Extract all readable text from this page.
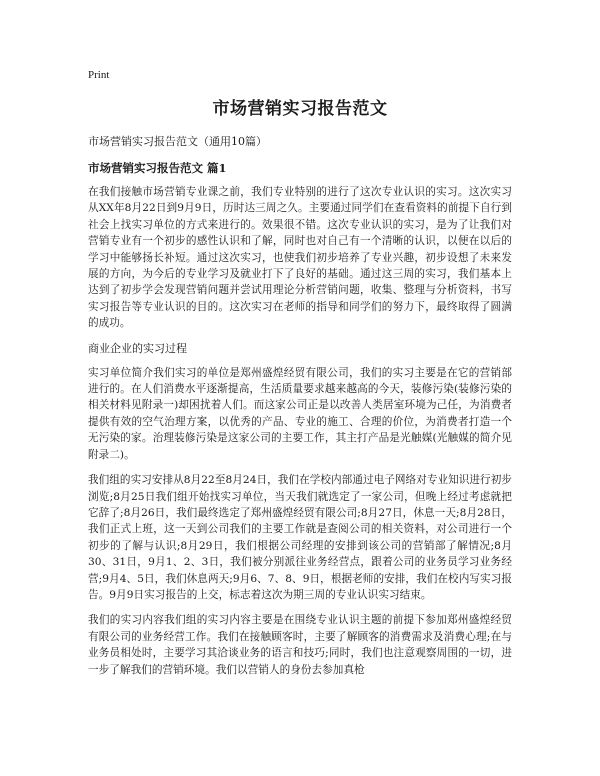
Print
市场营销实习报告范文
市场营销实习报告范文（通用10篇）
市场营销实习报告范文 篇1

在我们接触市场营销专业课之前，我们专业特别的进行了这次专业认识的实习。这次实习从XX年8月22日到9月9日，历时达三周之久。主要通过同学们在查看资料的前提下自行到社会上找实习单位的方式来进行的。效果很不错。这次专业认识的实习，是为了让我们对营销专业有一个初步的感性认识和了解，同时也对自己有一个清晰的认识，以便在以后的学习中能够扬长补短。通过这次实习，也使我们初步培养了专业兴趣，初步设想了未来发展的方向，为今后的专业学习及就业打下了良好的基础。通过这三周的实习，我们基本上达到了初步学会发现营销问题并尝试用理论分析营销问题，收集、整理与分析资料，书写实习报告等专业认识的目的。这次实习在老师的指导和同学们的努力下，最终取得了圆满的成功。

商业企业的实习过程

实习单位简介我们实习的单位是郑州盛煌经贸有限公司，我们的实习主要是在它的营销部进行的。在人们消费水平逐渐提高，生活质量要求越来越高的今天，装修污染(装修污染的相关材料见附录一)却困扰着人们。而这家公司正是以改善人类居室环境为己任，为消费者提供有效的空气治理方案，以优秀的产品、专业的施工、合理的价位，为消费者打造一个无污染的家。治理装修污染是这家公司的主要工作，其主打产品是光触媒(光触媒的简介见附录二)。

我们组的实习安排从8月22至8月24日，我们在学校内部通过电子网络对专业知识进行初步浏览;8月25日我们组开始找实习单位，当天我们就选定了一家公司，但晚上经过考虑就把它辞了;8月26日，我们最终选定了郑州盛煌经贸有限公司;8月27日，休息一天;8月28日，我们正式上班，这一天到公司我们的主要工作就是查阅公司的相关资料，对公司进行一个初步的了解与认识;8月29日，我们根据公司经理的安排到该公司的营销部了解情况;8月30、31日，9月1、2、3日，我们被分别派往业务经营点，跟着公司的业务员学习业务经营;9月4、5日，我们休息两天;9月6、7、8、9日，根据老师的安排，我们在校内写实习报告。9月9日实习报告的上交，标志着这次为期三周的专业认识实习结束。

我们的实习内容我们组的实习内容主要是在围绕专业认识主题的前提下参加郑州盛煌经贸有限公司的业务经营工作。我们在接触顾客时，主要了解顾客的消费需求及消费心理;在与业务员相处时，主要学习其洽谈业务的语言和技巧;同时，我们也注意观察周围的一切，进一步了解我们的营销环境。我们以营销人的身份去参加真枪
